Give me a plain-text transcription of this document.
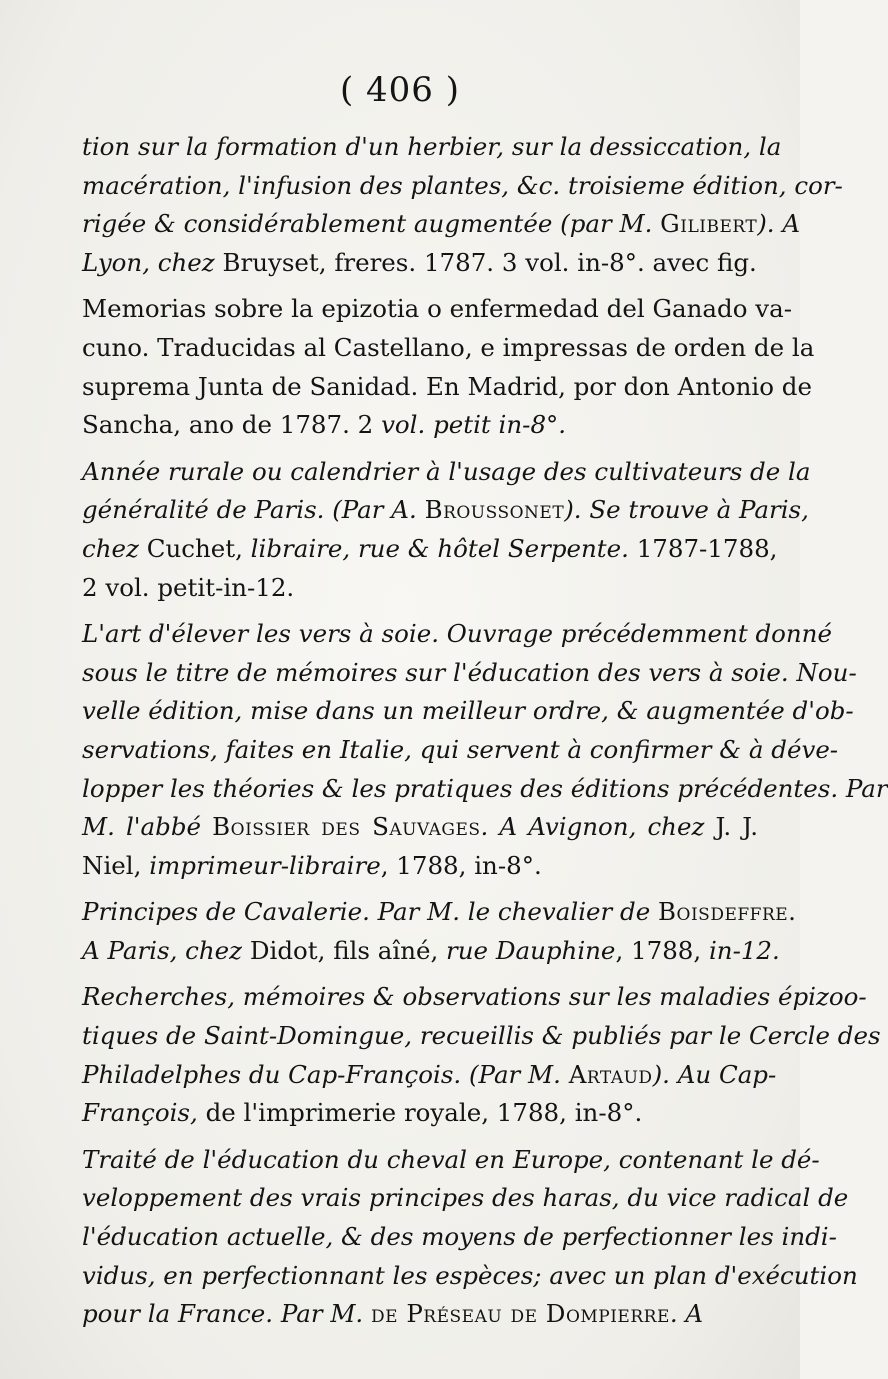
( 406 )
tion sur la formation d'un herbier, sur la dessiccation, la
macération, l'infusion des plantes, &c. troisieme édition, cor-
rigée & considérablement augmentée (par M. Gilibert). A
Lyon, chez Bruyset, freres. 1787. 3 vol. in-8°. avec fig.
Memorias sobre la epizotia o enfermedad del Ganado va-
cuno. Traducidas al Castellano, e impressas de orden de la
suprema Junta de Sanidad. En Madrid, por don Antonio de
Sancha, ano de 1787. 2 vol. petit in-8°.
Année rurale ou calendrier à l'usage des cultivateurs de la
généralité de Paris. (Par A. Broussonet). Se trouve à Paris,
chez Cuchet, libraire, rue & hôtel Serpente. 1787-1788,
2 vol. petit-in-12.
L'art d'élever les vers à soie. Ouvrage précédemment donné
sous le titre de mémoires sur l'éducation des vers à soie. Nou-
velle édition, mise dans un meilleur ordre, & augmentée d'ob-
servations, faites en Italie, qui servent à confirmer & à déve-
lopper les théories & les pratiques des éditions précédentes. Par
M. l'abbé Boissier des Sauvages. A Avignon, chez J. J.
Niel, imprimeur-libraire, 1788, in-8°.
Principes de Cavalerie. Par M. le chevalier de Boisdeffre.
A Paris, chez Didot, fils aîné, rue Dauphine, 1788, in-12.
Recherches, mémoires & observations sur les maladies épizoo-
tiques de Saint-Domingue, recueillis & publiés par le Cercle des
Philadelphes du Cap-François. (Par M. Artaud). Au Cap-
François, de l'imprimerie royale, 1788, in-8°.
Traité de l'éducation du cheval en Europe, contenant le dé-
veloppement des vrais principes des haras, du vice radical de
l'éducation actuelle, & des moyens de perfectionner les indi-
vidus, en perfectionnant les espèces; avec un plan d'exécution
pour la France. Par M. de Préseau de Dompierre. A
